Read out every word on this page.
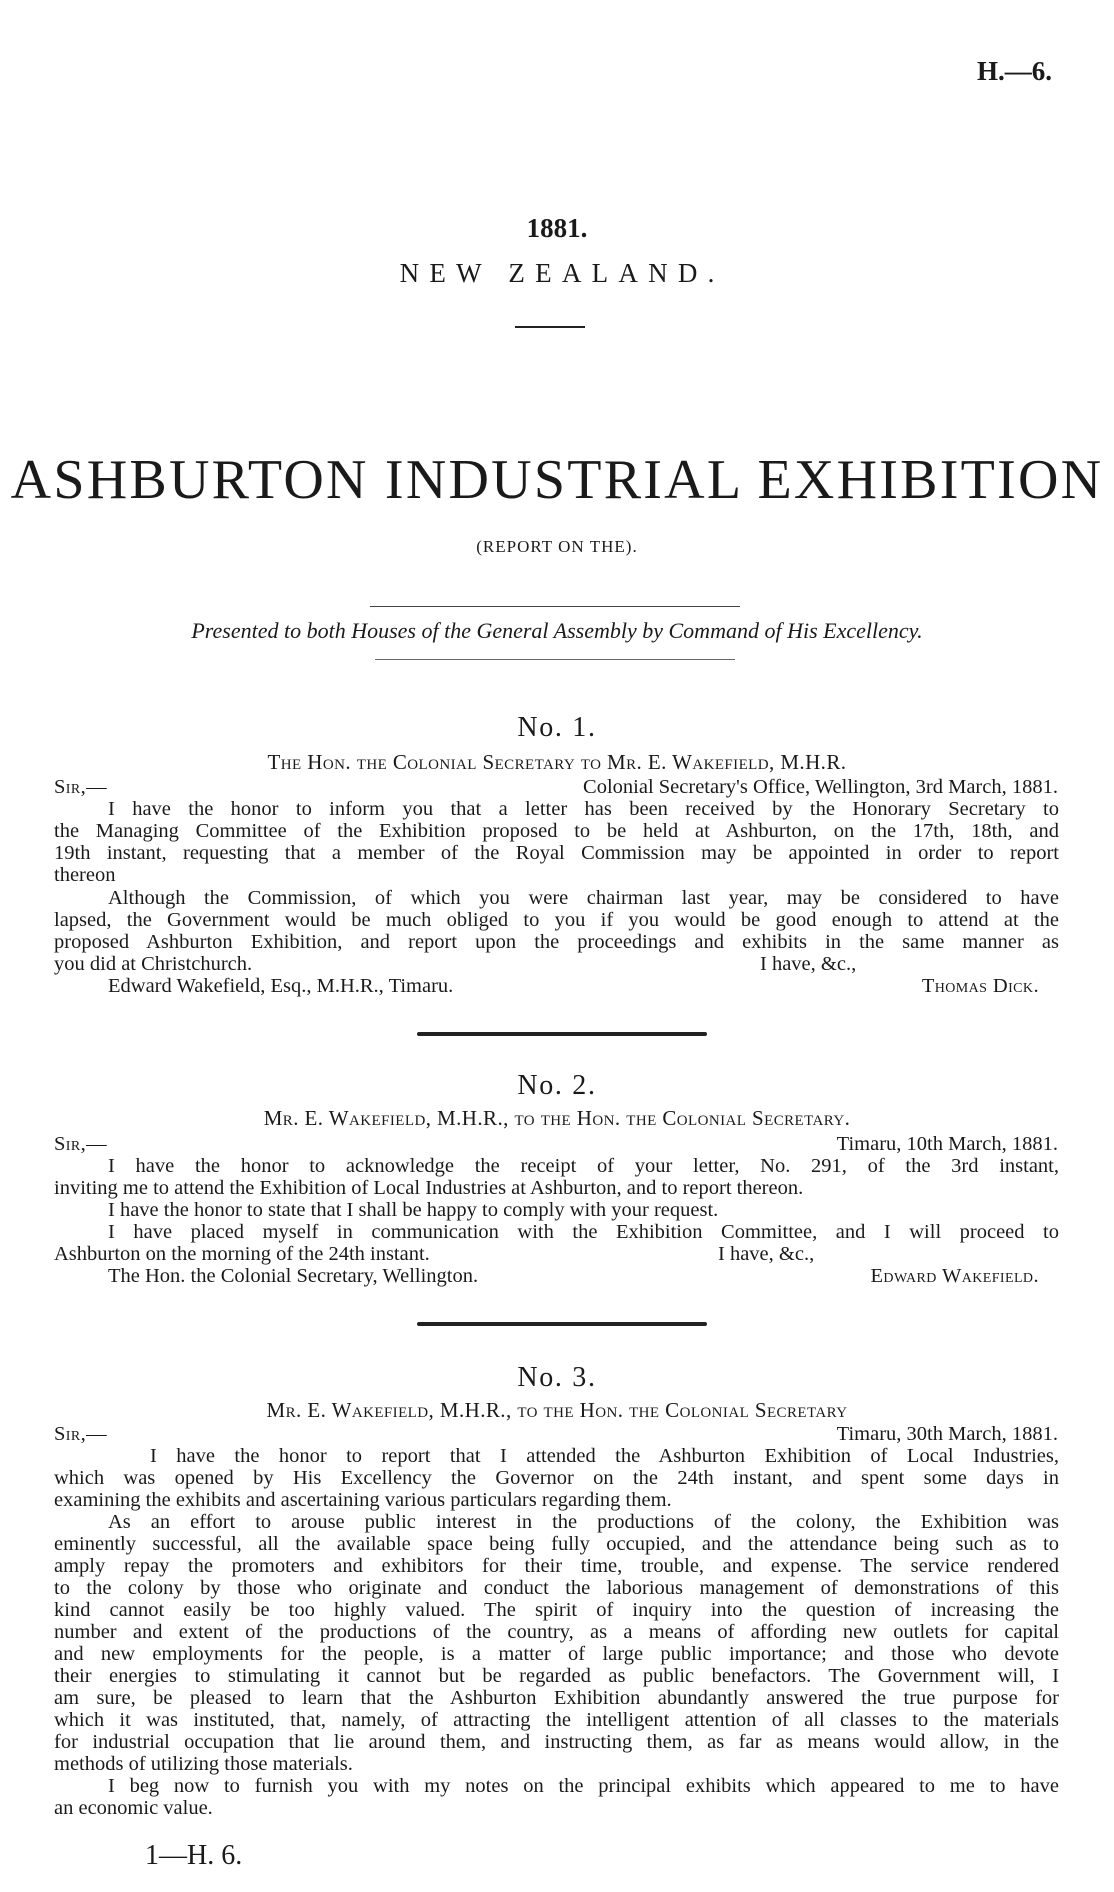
H.—6.

1881.

NEW ZEALAND.

ASHBURTON INDUSTRIAL EXHIBITION

(REPORT ON THE).

Presented to both Houses of the General Assembly by Command of His Excellency.

No. 1.

The Hon. the Colonial Secretary to Mr. E. Wakefield, M.H.R.

Sir,—	Colonial Secretary's Office, Wellington, 3rd March, 1881.

I have the honor to inform you that a letter has been received by the Honorary Secretary to

the Managing Committee of the Exhibition proposed to be held at Ashburton, on the 17th, 18th, and

19th instant, requesting that a member of the Royal Commission may be appointed in order to report

thereon

Although the Commission, of which you were chairman last year, may be considered to have

lapsed, the Government would be much obliged to you if you would be good enough to attend at the

proposed Ashburton Exhibition, and report upon the proceedings and exhibits in the same manner as

you did at Christchurch.	I have, &c.,

Edward Wakefield, Esq., M.H.R., Timaru.	Thomas Dick.

No. 2.

Mr. E. Wakefield, M.H.R., to the Hon. the Colonial Secretary.

Sir,—	Timaru, 10th March, 1881.

I have the honor to acknowledge the receipt of your letter, No. 291, of the 3rd instant,

inviting me to attend the Exhibition of Local Industries at Ashburton, and to report thereon.

I have the honor to state that I shall be happy to comply with your request.

I have placed myself in communication with the Exhibition Committee, and I will proceed to

Ashburton on the morning of the 24th instant.	I have, &c.,

The Hon. the Colonial Secretary, Wellington.	Edward Wakefield.

No. 3.

Mr. E. Wakefield, M.H.R., to the Hon. the Colonial Secretary

Sir,—	Timaru, 30th March, 1881.

I have the honor to report that I attended the Ashburton Exhibition of Local Industries,

which was opened by His Excellency the Governor on the 24th instant, and spent some days in

examining the exhibits and ascertaining various particulars regarding them.

As an effort to arouse public interest in the productions of the colony, the Exhibition was

eminently successful, all the available space being fully occupied, and the attendance being such as to

amply repay the promoters and exhibitors for their time, trouble, and expense. The service rendered

to the colony by those who originate and conduct the laborious management of demonstrations of this

kind cannot easily be too highly valued. The spirit of inquiry into the question of increasing the

number and extent of the productions of the country, as a means of affording new outlets for capital

and new employments for the people, is a matter of large public importance; and those who devote

their energies to stimulating it cannot but be regarded as public benefactors. The Government will, I

am sure, be pleased to learn that the Ashburton Exhibition abundantly answered the true purpose for

which it was instituted, that, namely, of attracting the intelligent attention of all classes to the materials

for industrial occupation that lie around them, and instructing them, as far as means would allow, in the

methods of utilizing those materials.

I beg now to furnish you with my notes on the principal exhibits which appeared to me to have

an economic value.

1—H. 6.
